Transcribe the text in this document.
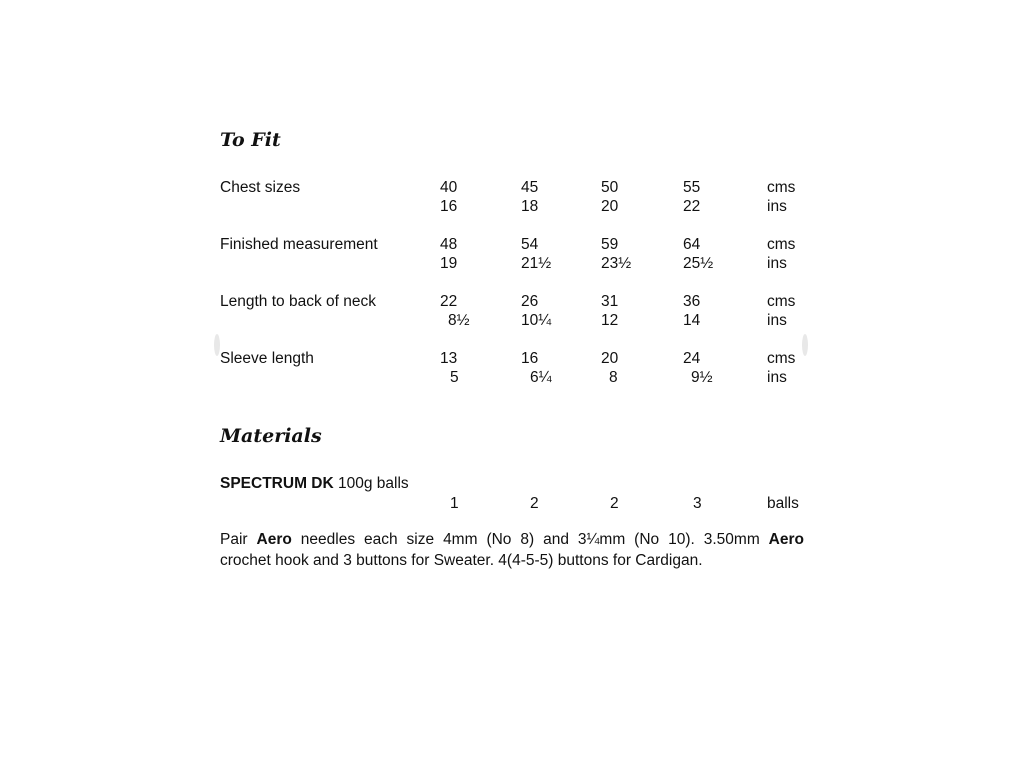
To Fit
Chest sizes	40	45	50	55	cms
16	18	20	22	ins
Finished measurement	48	54	59	64	cms
19	21½	23½	25½	ins
Length to back of neck	22	26	31	36	cms
8½	10¼	12	14	ins
Sleeve length	13	16	20	24	cms
5	6¼	8	9½	ins
Materials
SPECTRUM DK 100g balls
1	2	2	3	balls
Pair Aero needles each size 4mm (No 8) and 3¼mm (No 10). 3.50mm Aero
crochet hook and 3 buttons for Sweater. 4(4-5-5) buttons for Cardigan.
